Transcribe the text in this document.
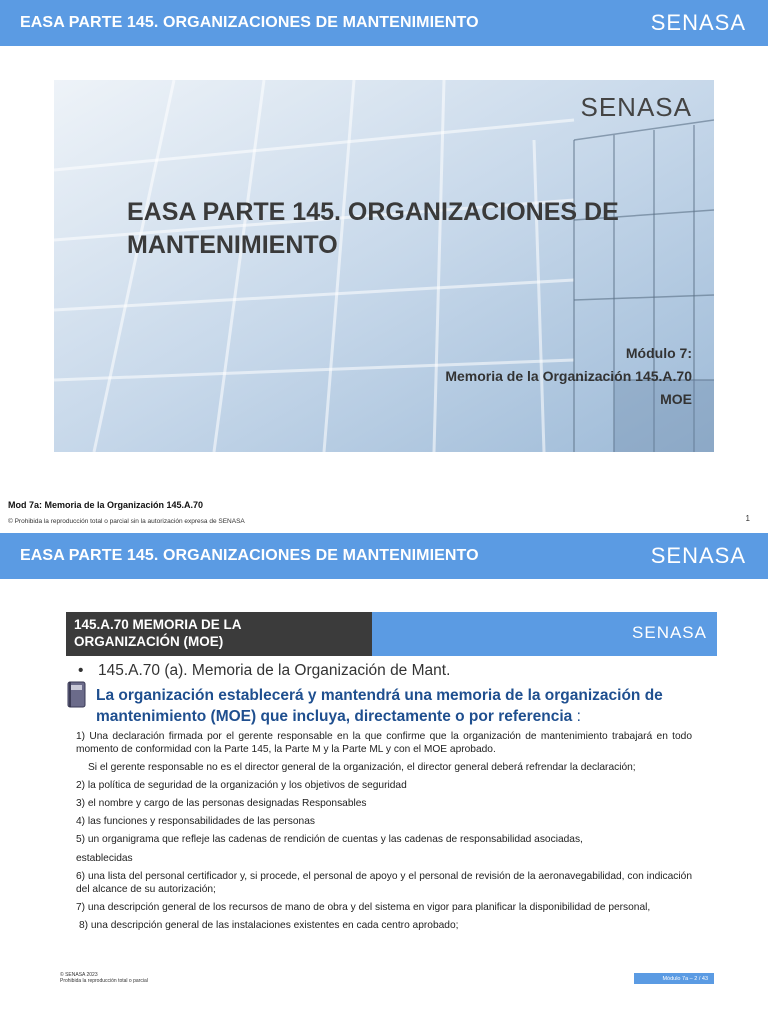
EASA PARTE 145. ORGANIZACIONES DE MANTENIMIENTO	SENASA
SENASA
EASA PARTE 145. ORGANIZACIONES DE
MANTENIMIENTO
Módulo 7:
Memoria de la Organización 145.A.70
MOE
Mod 7a: Memoria de la Organización 145.A.70
© Prohibida la reproducción total o parcial sin la autorización expresa de SENASA	1
EASA PARTE 145. ORGANIZACIONES DE MANTENIMIENTO	SENASA
145.A.70 MEMORIA DE LA
ORGANIZACIÓN (MOE)	SENASA
• 145.A.70 (a). Memoria de la Organización de Mant.
La organización establecerá y mantendrá una memoria de la organización de mantenimiento (MOE) que incluya, directamente o por referencia :
1) Una declaración firmada por el gerente responsable en la que confirme que la organización de mantenimiento trabajará en todo momento de conformidad con la Parte 145, la Parte M y la Parte ML y con el MOE aprobado.
Si el gerente responsable no es el director general de la organización, el director general deberá refrendar la declaración;
2) la política de seguridad de la organización y los objetivos de seguridad
3) el nombre y cargo de las personas designadas Responsables
4) las funciones y responsabilidades de las personas
5) un organigrama que refleje las cadenas de rendición de cuentas y las cadenas de responsabilidad asociadas,
establecidas
6) una lista del personal certificador y, si procede, el personal de apoyo y el personal de revisión de la aeronavegabilidad, con indicación del alcance de su autorización;
7) una descripción general de los recursos de mano de obra y del sistema en vigor para planificar la disponibilidad de personal,
8) una descripción general de las instalaciones existentes en cada centro aprobado;
© SENASA 2023
Prohibida la reproducción total o parcial	Módulo 7a – 2 / 43
